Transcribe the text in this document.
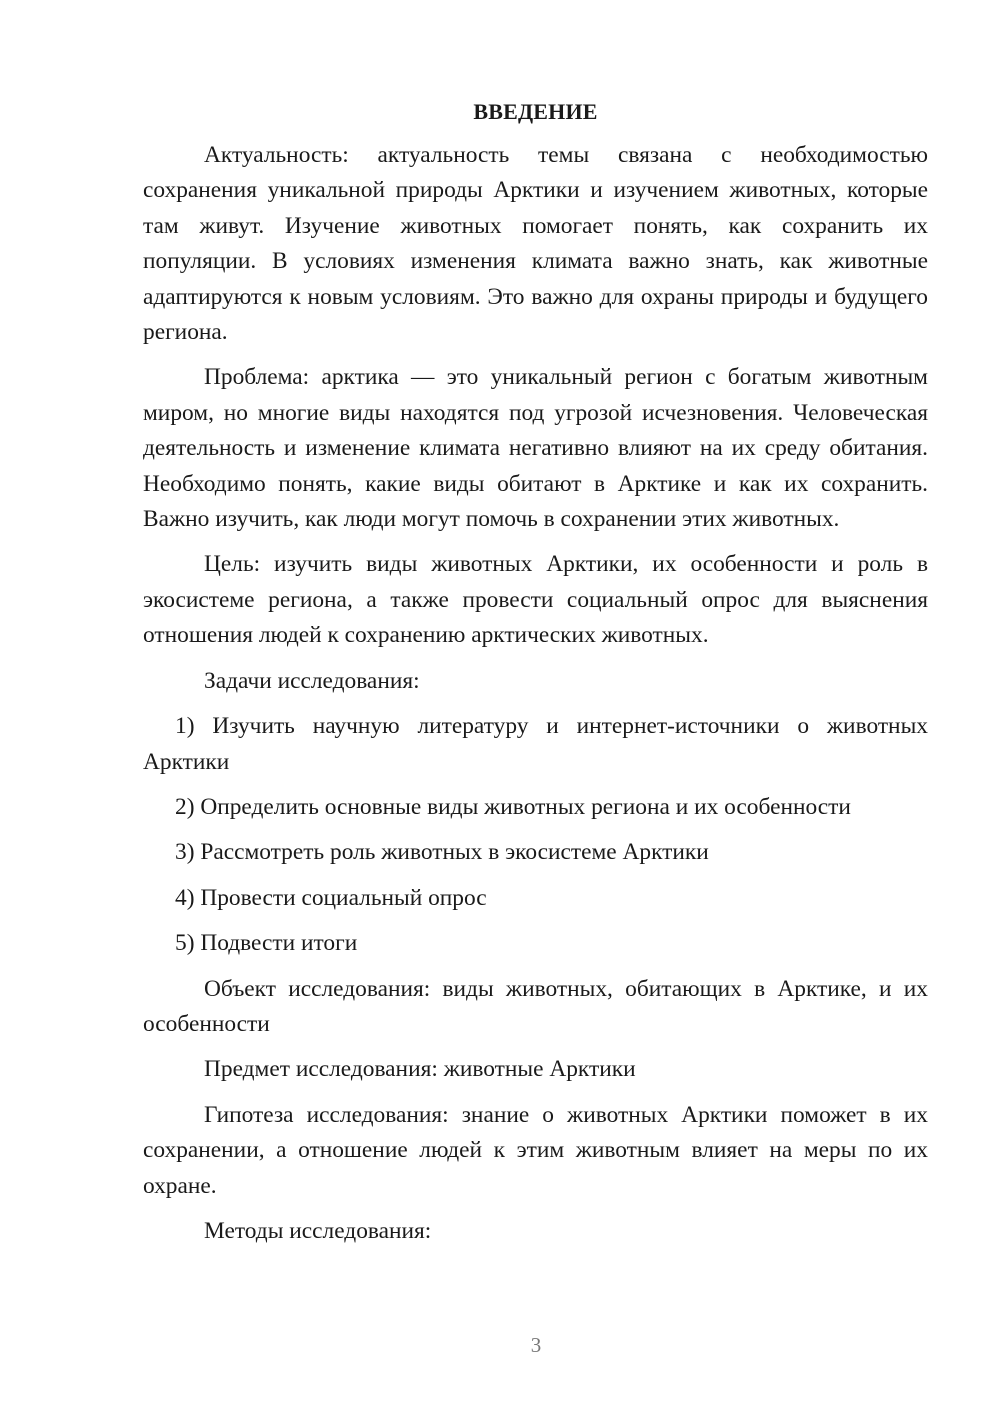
ВВЕДЕНИЕ

Актуальность: актуальность темы связана с необходимостью сохранения уникальной природы Арктики и изучением животных, которые там живут. Изучение животных помогает понять, как сохранить их популяции. В условиях изменения климата важно знать, как животные адаптируются к новым условиям. Это важно для охраны природы и будущего региона.

Проблема: арктика — это уникальный регион с богатым животным миром, но многие виды находятся под угрозой исчезновения. Человеческая деятельность и изменение климата негативно влияют на их среду обитания. Необходимо понять, какие виды обитают в Арктике и как их сохранить. Важно изучить, как люди могут помочь в сохранении этих животных.

Цель: изучить виды животных Арктики, их особенности и роль в экосистеме региона, а также провести социальный опрос для выяснения отношения людей к сохранению арктических животных.

Задачи исследования:

1) Изучить научную литературу и интернет-источники о животных Арктики

2) Определить основные виды животных региона и их особенности

3) Рассмотреть роль животных в экосистеме Арктики

4) Провести социальный опрос

5) Подвести итоги

Объект исследования: виды животных, обитающих в Арктике, и их особенности

Предмет исследования: животные Арктики

Гипотеза исследования: знание о животных Арктики поможет в их сохранении, а отношение людей к этим животным влияет на меры по их охране.

Методы исследования:

3
